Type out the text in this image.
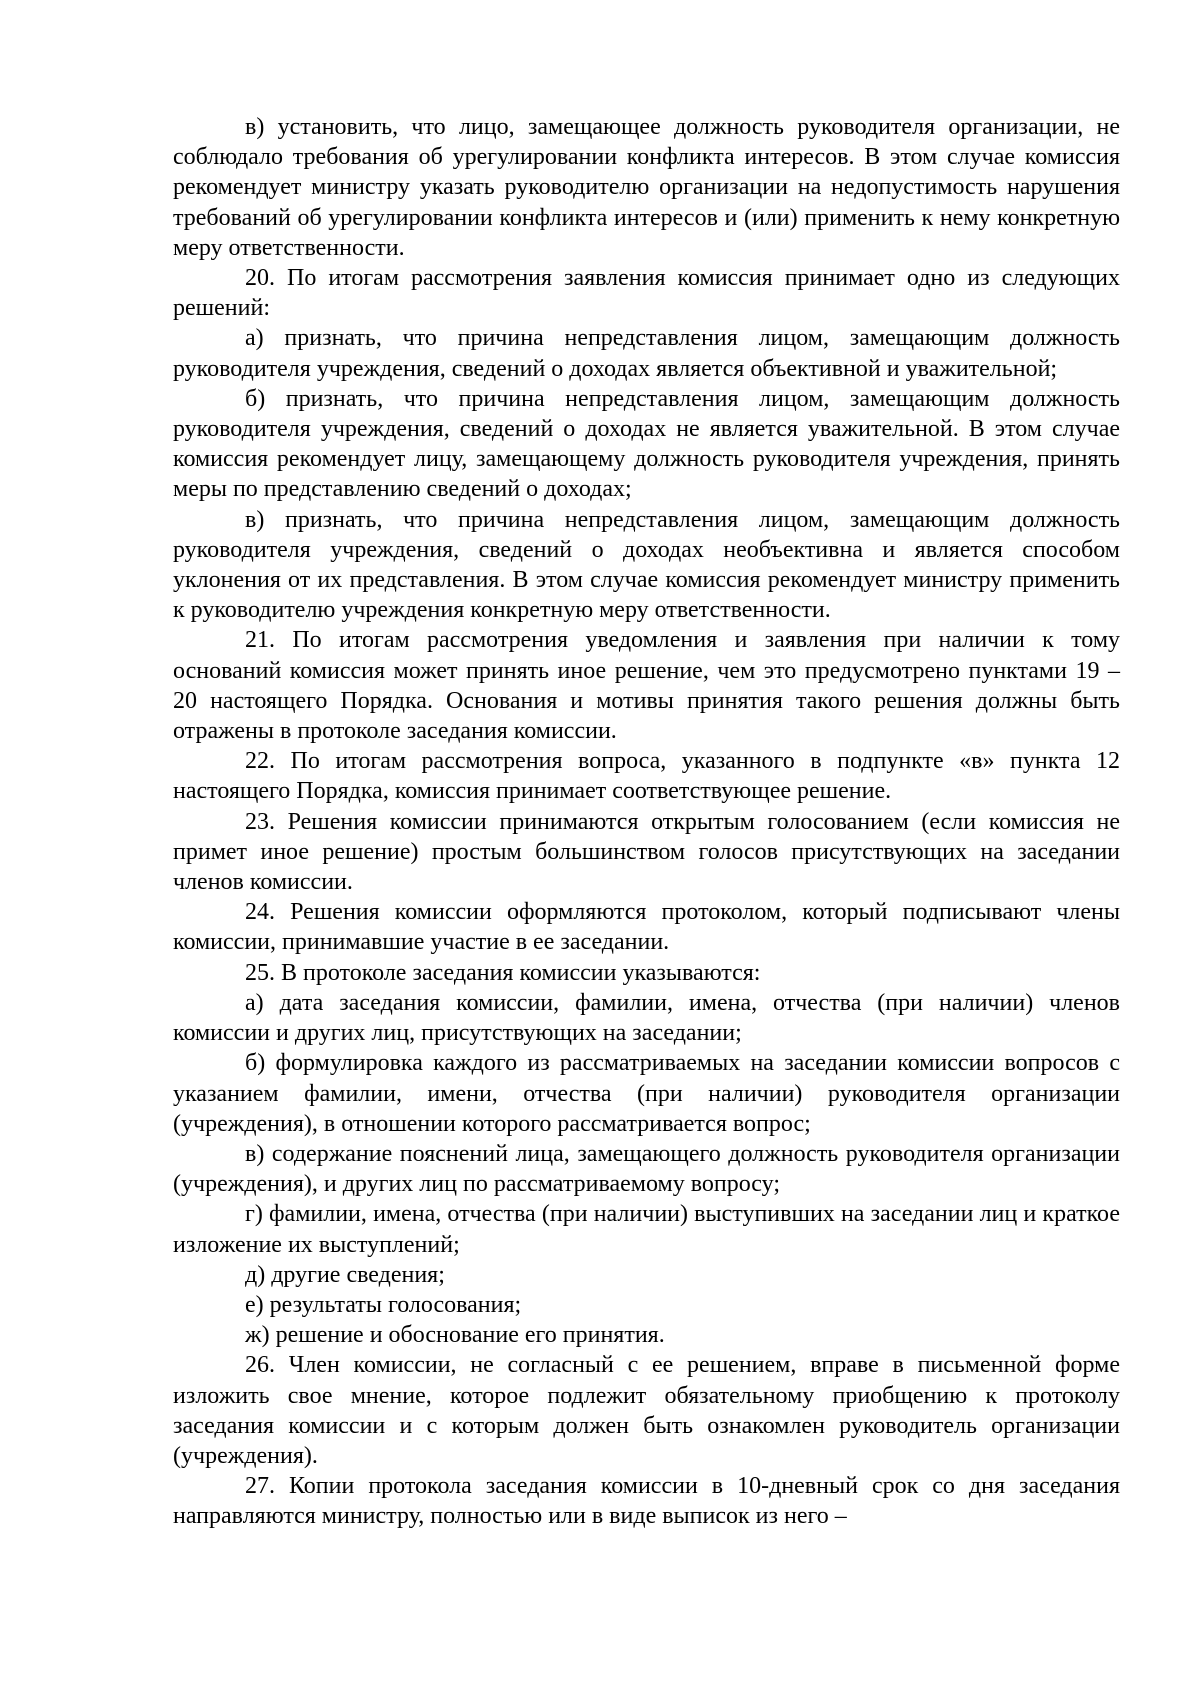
в) установить, что лицо, замещающее должность руководителя организации, не соблюдало требования об урегулировании конфликта интересов. В этом случае комиссия рекомендует министру указать руководителю организации на недопустимость нарушения требований об урегулировании конфликта интересов и (или) применить к нему конкретную меру ответственности.

20. По итогам рассмотрения заявления комиссия принимает одно из следующих решений:

а) признать, что причина непредставления лицом, замещающим должность руководителя учреждения, сведений о доходах является объективной и уважительной;

б) признать, что причина непредставления лицом, замещающим должность руководителя учреждения, сведений о доходах не является уважительной. В этом случае комиссия рекомендует лицу, замещающему должность руководителя учреждения, принять меры по представлению сведений о доходах;

в) признать, что причина непредставления лицом, замещающим должность руководителя учреждения, сведений о доходах необъективна и является способом уклонения от их представления. В этом случае комиссия рекомендует министру применить к руководителю учреждения конкретную меру ответственности.

21. По итогам рассмотрения уведомления и заявления при наличии к тому оснований комиссия может принять иное решение, чем это предусмотрено пунктами 19 – 20 настоящего Порядка. Основания и мотивы принятия такого решения должны быть отражены в протоколе заседания комиссии.

22. По итогам рассмотрения вопроса, указанного в подпункте «в» пункта 12 настоящего Порядка, комиссия принимает соответствующее решение.

23. Решения комиссии принимаются открытым голосованием (если комиссия не примет иное решение) простым большинством голосов присутствующих на заседании членов комиссии.

24. Решения комиссии оформляются протоколом, который подписывают члены комиссии, принимавшие участие в ее заседании.

25. В протоколе заседания комиссии указываются:

а) дата заседания комиссии, фамилии, имена, отчества (при наличии) членов комиссии и других лиц, присутствующих на заседании;

б) формулировка каждого из рассматриваемых на заседании комиссии вопросов с указанием фамилии, имени, отчества (при наличии) руководителя организации (учреждения), в отношении которого рассматривается вопрос;

в) содержание пояснений лица, замещающего должность руководителя организации (учреждения), и других лиц по рассматриваемому вопросу;

г) фамилии, имена, отчества (при наличии) выступивших на заседании лиц и краткое изложение их выступлений;

д) другие сведения;

е) результаты голосования;

ж) решение и обоснование его принятия.

26. Член комиссии, не согласный с ее решением, вправе в письменной форме изложить свое мнение, которое подлежит обязательному приобщению к протоколу заседания комиссии и с которым должен быть ознакомлен руководитель организации (учреждения).

27. Копии протокола заседания комиссии в 10-дневный срок со дня заседания направляются министру, полностью или в виде выписок из него –
